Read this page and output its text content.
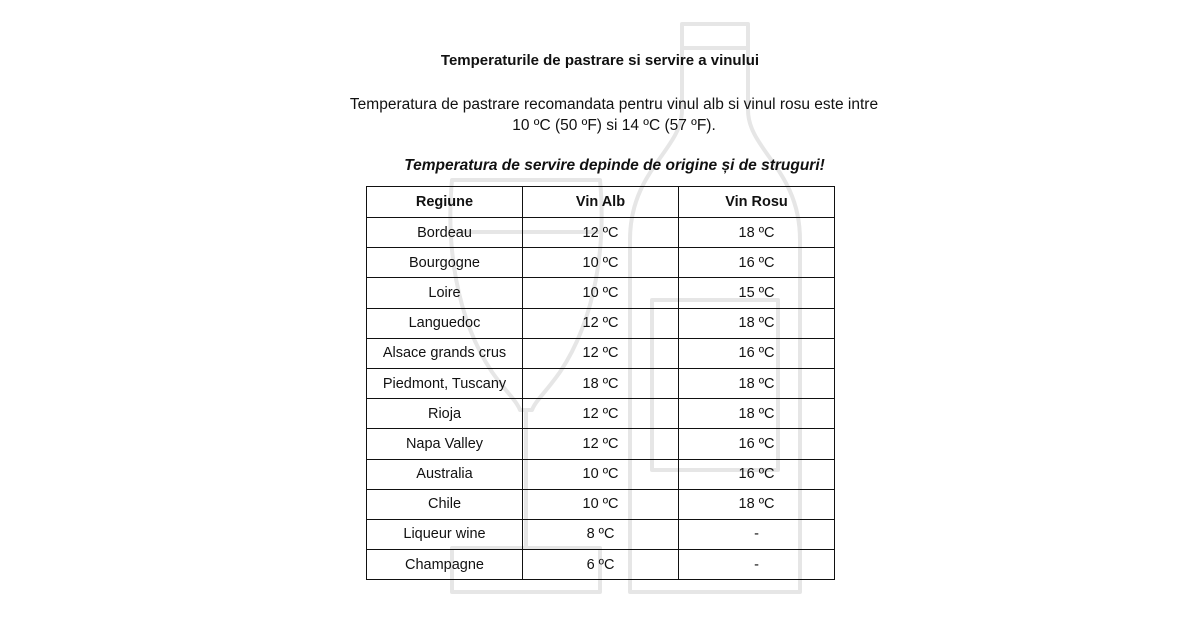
Temperaturile de pastrare si servire a vinului
Temperatura de pastrare recomandata pentru vinul alb si vinul rosu este intre 10 ºC (50 ºF) si 14 ºC (57 ºF).
Temperatura de servire depinde de origine și de struguri!
Regiune	Vin Alb	Vin Rosu
Bordeau	12 ºC	18 ºC
Bourgogne	10 ºC	16 ºC
Loire	10 ºC	15 ºC
Languedoc	12 ºC	18 ºC
Alsace grands crus	12 ºC	16 ºC
Piedmont, Tuscany	18 ºC	18 ºC
Rioja	12 ºC	18 ºC
Napa Valley	12 ºC	16 ºC
Australia	10 ºC	16 ºC
Chile	10 ºC	18 ºC
Liqueur wine	8 ºC	-
Champagne	6 ºC	-
